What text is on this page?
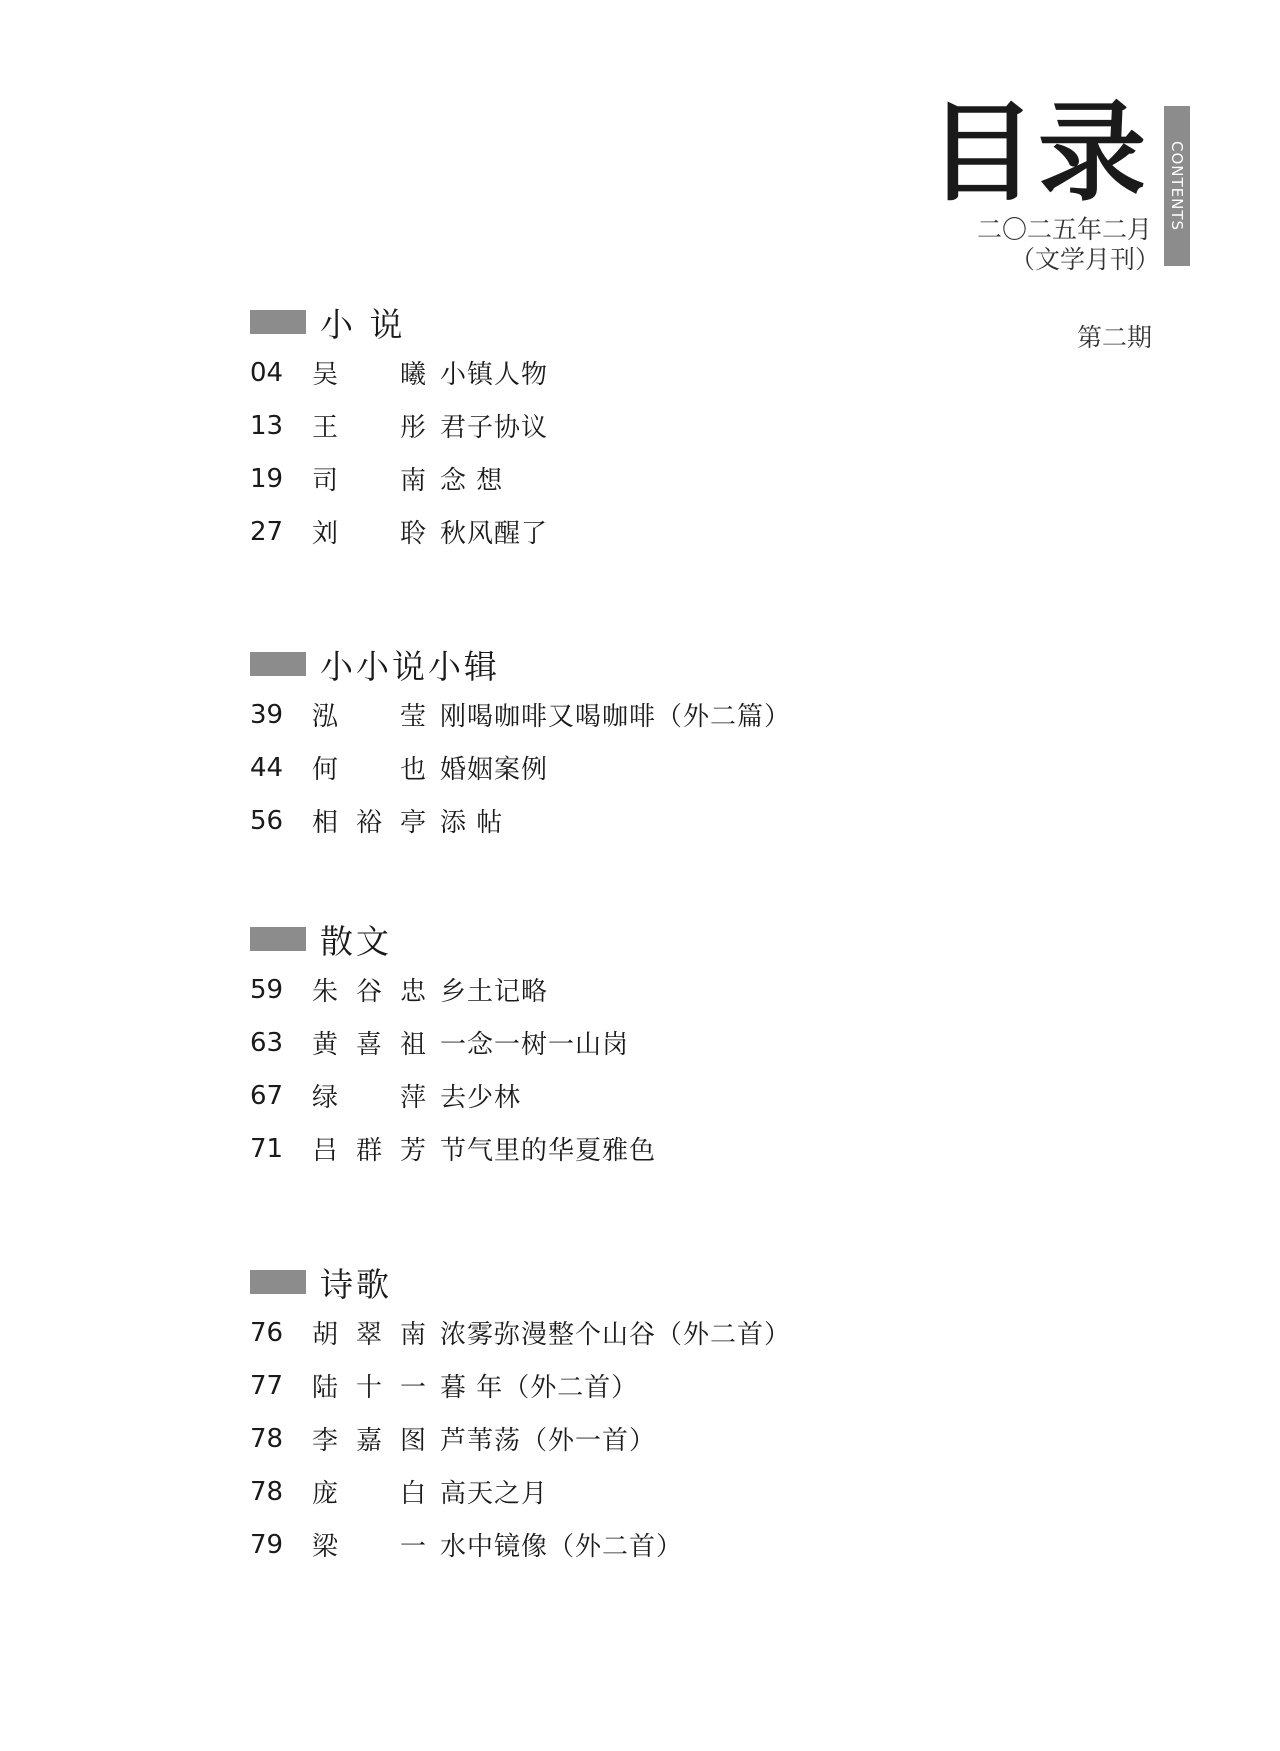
目录 CONTENTS
二〇二五年二月
（文学月刊）
第二期
小 说
04	吴 曦 小镇人物
13	王 彤 君子协议
19	司 南 念 想
27	刘 聆 秋风醒了
小小说小辑
39	泓 莹 刚喝咖啡又喝咖啡（外二篇）
44	何 也 婚姻案例
56	相裕亭 添 帖
散文
59	朱谷忠 乡土记略
63	黄喜祖 一念一树一山岗
67	绿 萍 去少林
71	吕群芳 节气里的华夏雅色
诗歌
76	胡翠南 浓雾弥漫整个山谷（外二首）
77	陆十一 暮 年（外二首）
78	李嘉图 芦苇荡（外一首）
78	庞 白 高天之月
79	梁 一 水中镜像（外二首）
